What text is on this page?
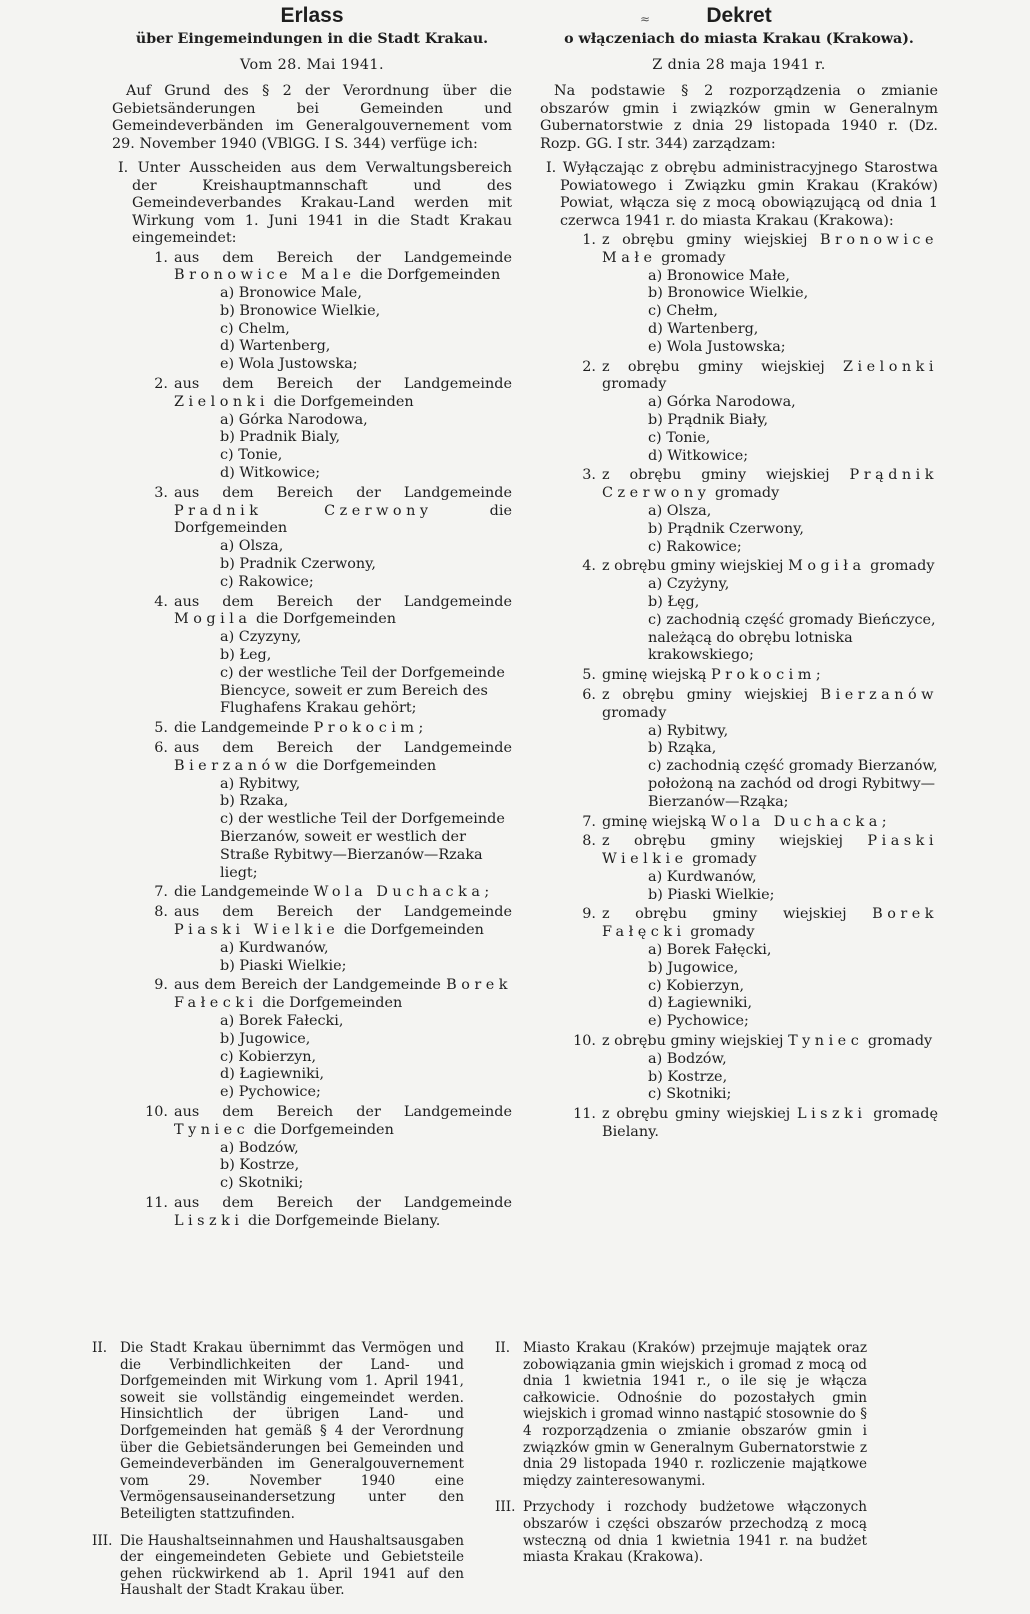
Erlass
über Eingemeindungen in die Stadt Krakau.
Vom 28. Mai 1941.
Auf Grund des § 2 der Verordnung über die Gebietsänderungen bei Gemeinden und Gemeindeverbänden im Generalgouvernement vom 29. November 1940 (VBlGG. I S. 344) verfüge ich:
I. Unter Ausscheiden aus dem Verwaltungsbereich der Kreishauptmannschaft und des Gemeindeverbandes Krakau-Land werden mit Wirkung vom 1. Juni 1941 in die Stadt Krakau eingemeindet:
1. aus dem Bereich der Landgemeinde Bronowice Male die Dorfgemeinden
a) Bronowice Male,
b) Bronowice Wielkie,
c) Chelm,
d) Wartenberg,
e) Wola Justowska;
2. aus dem Bereich der Landgemeinde Zielonki die Dorfgemeinden
a) Górka Narodowa,
b) Pradnik Bialy,
c) Tonie,
d) Witkowice;
3. aus dem Bereich der Landgemeinde Pradnik Czerwony die Dorfgemeinden
a) Olsza,
b) Pradnik Czerwony,
c) Rakowice;
4. aus dem Bereich der Landgemeinde Mogila die Dorfgemeinden
a) Czyzyny,
b) Łeg,
c) der westliche Teil der Dorfgemeinde Biencyce, soweit er zum Bereich des Flughafens Krakau gehört;
5. die Landgemeinde Prokocim;
6. aus dem Bereich der Landgemeinde Bierzanów die Dorfgemeinden
a) Rybitwy,
b) Rzaka,
c) der westliche Teil der Dorfgemeinde Bierzanów, soweit er westlich der Straße Rybitwy—Bierzanów—Rzaka liegt;
7. die Landgemeinde Wola Duchacka;
8. aus dem Bereich der Landgemeinde Piaski Wielkie die Dorfgemeinden
a) Kurdwanów,
b) Piaski Wielkie;
9. aus dem Bereich der Landgemeinde Borek Fałecki die Dorfgemeinden
a) Borek Fałecki,
b) Jugowice,
c) Kobierzyn,
d) Łagiewniki,
e) Pychowice;
10. aus dem Bereich der Landgemeinde Tyniec die Dorfgemeinden
a) Bodzów,
b) Kostrze,
c) Skotniki;
11. aus dem Bereich der Landgemeinde Liszki die Dorfgemeinde Bielany.
≈	Dekret
o włączeniach do miasta Krakau (Krakowa).
Z dnia 28 maja 1941 r.
Na podstawie § 2 rozporządzenia o zmianie obszarów gmin i związków gmin w Generalnym Gubernatorstwie z dnia 29 listopada 1940 r. (Dz. Rozp. GG. I str. 344) zarządzam:
I. Wyłączając z obrębu administracyjnego Starostwa Powiatowego i Związku gmin Krakau (Kraków) Powiat, włącza się z mocą obowiązującą od dnia 1 czerwca 1941 r. do miasta Krakau (Krakowa):
1. z obrębu gminy wiejskiej Bronowice Małe gromady
a) Bronowice Małe,
b) Bronowice Wielkie,
c) Chełm,
d) Wartenberg,
e) Wola Justowska;
2. z obrębu gminy wiejskiej Zielonki gromady
a) Górka Narodowa,
b) Prądnik Biały,
c) Tonie,
d) Witkowice;
3. z obrębu gminy wiejskiej Prądnik Czerwony gromady
a) Olsza,
b) Prądnik Czerwony,
c) Rakowice;
4. z obrębu gminy wiejskiej Mogiła gromady
a) Czyżyny,
b) Łęg,
c) zachodnią część gromady Bieńczyce, należącą do obrębu lotniska krakowskiego;
5. gminę wiejską Prokocim;
6. z obrębu gminy wiejskiej Bierzanów gromady
a) Rybitwy,
b) Rząka,
c) zachodnią część gromady Bierzanów, położoną na zachód od drogi Rybitwy—Bierzanów—Rząka;
7. gminę wiejską Wola Duchacka;
8. z obrębu gminy wiejskiej Piaski Wielkie gromady
a) Kurdwanów,
b) Piaski Wielkie;
9. z obrębu gminy wiejskiej Borek Fałęcki gromady
a) Borek Fałęcki,
b) Jugowice,
c) Kobierzyn,
d) Łagiewniki,
e) Pychowice;
10. z obrębu gminy wiejskiej Tyniec gromady
a) Bodzów,
b) Kostrze,
c) Skotniki;
11. z obrębu gminy wiejskiej Liszki gromadę Bielany.
II. Die Stadt Krakau übernimmt das Vermögen und die Verbindlichkeiten der Land- und Dorfgemeinden mit Wirkung vom 1. April 1941, soweit sie vollständig eingemeindet werden. Hinsichtlich der übrigen Land- und Dorfgemeinden hat gemäß § 4 der Verordnung über die Gebietsänderungen bei Gemeinden und Gemeindeverbänden im Generalgouvernement vom 29. November 1940 eine Vermögensauseinandersetzung unter den Beteiligten stattzufinden.
III. Die Haushaltseinnahmen und Haushaltsausgaben der eingemeindeten Gebiete und Gebietsteile gehen rückwirkend ab 1. April 1941 auf den Haushalt der Stadt Krakau über.
II. Miasto Krakau (Kraków) przejmuje majątek oraz zobowiązania gmin wiejskich i gromad z mocą od dnia 1 kwietnia 1941 r., o ile się je włącza całkowicie. Odnośnie do pozostałych gmin wiejskich i gromad winno nastąpić stosownie do § 4 rozporządzenia o zmianie obszarów gmin i związków gmin w Generalnym Gubernatorstwie z dnia 29 listopada 1940 r. rozliczenie majątkowe między zainteresowanymi.
III. Przychody i rozchody budżetowe włączonych obszarów i części obszarów przechodzą z mocą wsteczną od dnia 1 kwietnia 1941 r. na budżet miasta Krakau (Krakowa).
